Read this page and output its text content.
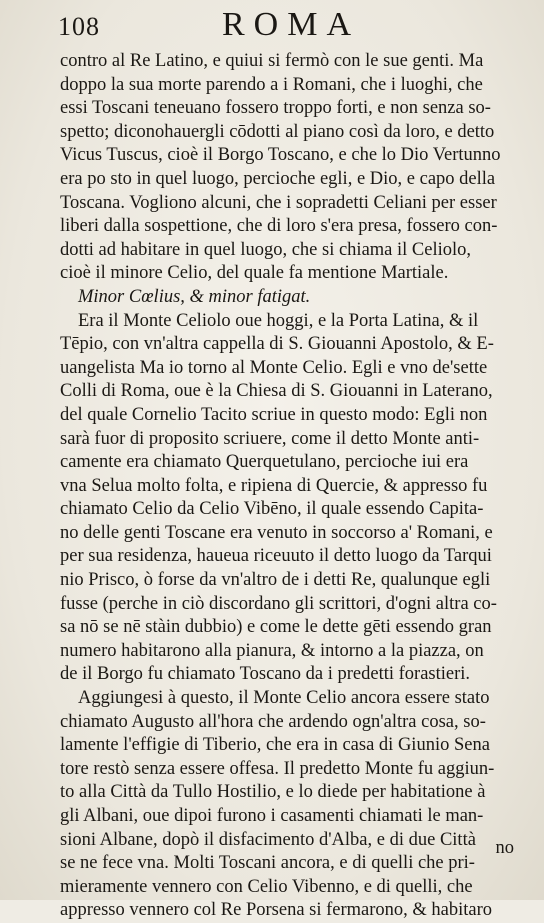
108	ROMA
contro al Re Latino, e quiui si fermò con le sue genti. Ma
doppo la sua morte parendo a i Romani, che i luoghi, che
essi Toscani teneuano fossero troppo forti, e non senza so-
spetto; diconohauergli cōdotti al piano così da loro, e detto
Vicus Tuscus, cioè il Borgo Toscano, e che lo Dio Vertunno
era po sto in quel luogo, percioche egli, e Dio, e capo della
Toscana. Vogliono alcuni, che i sopradetti Celiani per esser
liberi dalla sospettione, che di loro s'era presa, fossero con-
dotti ad habitare in quel luogo, che si chiama il Celiolo,
cioè il minore Celio, del quale fa mentione Martiale.
Minor Cœlius, & minor fatigat.
Era il Monte Celiolo oue hoggi, e la Porta Latina, & il
Tēpio, con vn'altra cappella di S. Giouanni Apostolo, & E-
uangelista Ma io torno al Monte Celio. Egli e vno de'sette
Colli di Roma, oue è la Chiesa di S. Giouanni in Laterano,
del quale Cornelio Tacito scriue in questo modo: Egli non
sarà fuor di proposito scriuere, come il detto Monte anti-
camente era chiamato Querquetulano, percioche iui era
vna Selua molto folta, e ripiena di Quercie, & appresso fu
chiamato Celio da Celio Vibēno, il quale essendo Capita-
no delle genti Toscane era venuto in soccorso a' Romani, e
per sua residenza, haueua riceuuto il detto luogo da Tarqui
nio Prisco, ò forse da vn'altro de i detti Re, qualunque egli
fusse (perche in ciò discordano gli scrittori, d'ogni altra co-
sa nō se nē stàin dubbio) e come le dette gēti essendo gran
numero habitarono alla pianura, & intorno a la piazza, on
de il Borgo fu chiamato Toscano da i predetti forastieri.
Aggiungesi à questo, il Monte Celio ancora essere stato
chiamato Augusto all'hora che ardendo ogn'altra cosa, so-
lamente l'effigie di Tiberio, che era in casa di Giunio Sena
tore restò senza essere offesa. Il predetto Monte fu aggiun-
to alla Città da Tullo Hostilio, e lo diede per habitatione à
gli Albani, oue dipoi furono i casamenti chiamati le man-
sioni Albane, dopò il disfacimento d'Alba, e di due Città
se ne fece vna. Molti Toscani ancora, e di quelli che pri-
mieramente vennero con Celio Vibenno, e di quelli, che
appresso vennero col Re Porsena si fermarono, & habitaro
no
